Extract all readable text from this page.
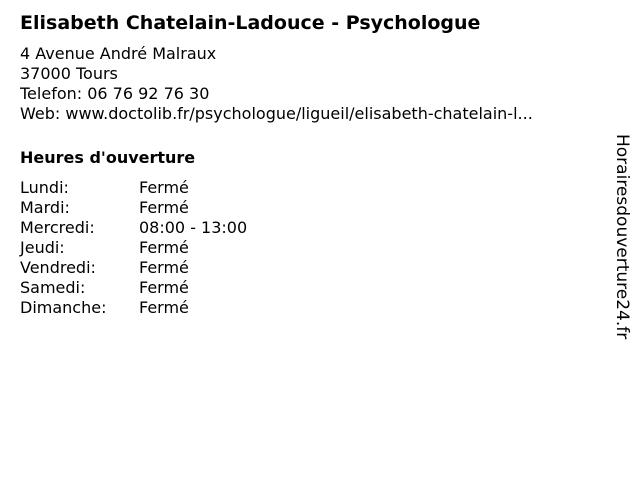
Elisabeth Chatelain-Ladouce - Psychologue
4 Avenue André Malraux
37000 Tours
Telefon: 06 76 92 76 30
Web: www.doctolib.fr/psychologue/ligueil/elisabeth-chatelain-l...
Heures d'ouverture
Lundi:	Fermé
Mardi:	Fermé
Mercredi:	08:00 - 13:00
Jeudi:	Fermé
Vendredi:	Fermé
Samedi:	Fermé
Dimanche:	Fermé	Horairesdouverture24.fr
